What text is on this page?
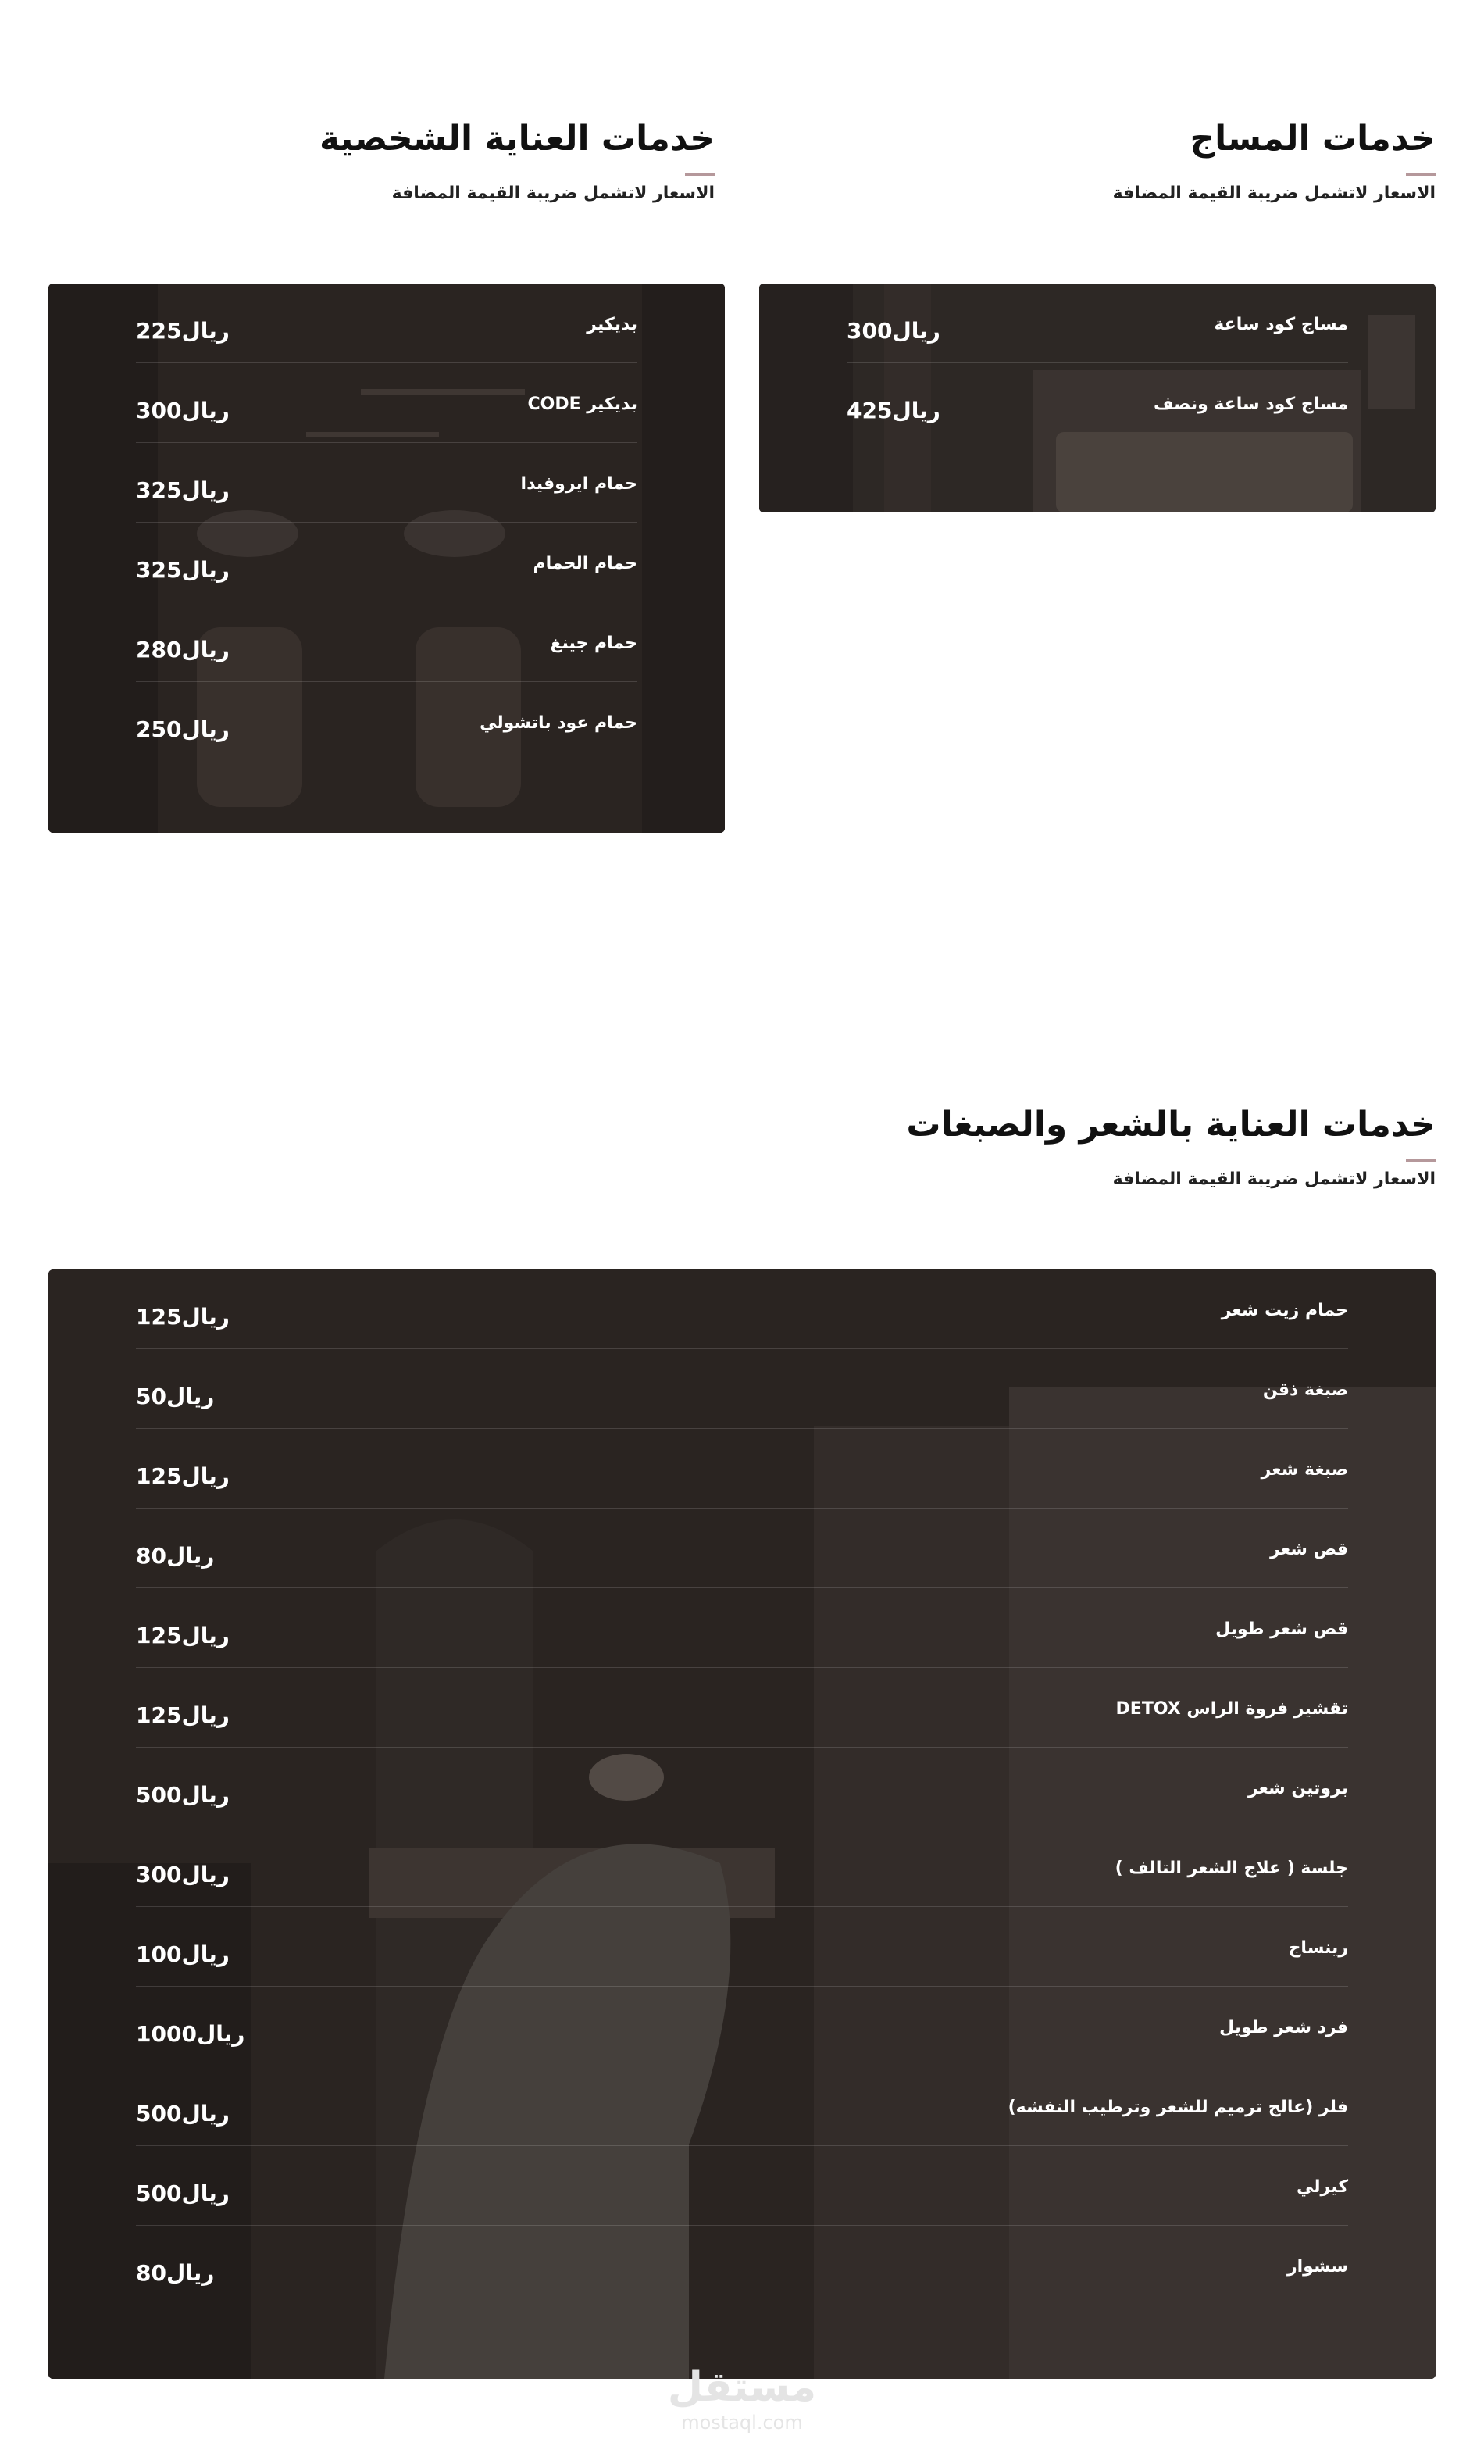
خدمات المساج
الاسعار لاتشمل ضريبة القيمة المضافة
خدمات العناية الشخصية
الاسعار لاتشمل ضريبة القيمة المضافة
مساج كود ساعة
300ريال
مساج كود ساعة ونصف
425ريال
بديكير
225ريال
بديكير CODE
300ريال
حمام ايروفيدا
325ريال
حمام الحمام
325ريال
حمام جينغ
280ريال
حمام عود باتشولي
250ريال
خدمات العناية بالشعر والصبغات
الاسعار لاتشمل ضريبة القيمة المضافة
حمام زيت شعر
125ريال
صبغة ذقن
50ريال
صبغة شعر
125ريال
قص شعر
80ريال
قص شعر طويل
125ريال
تقشير فروة الراس DETOX
125ريال
بروتين شعر
500ريال
جلسة ( علاج الشعر التالف )
300ريال
رينساج
100ريال
فرد شعر طويل
1000ريال
فلر (عالج ترميم للشعر وترطيب النفشه)
500ريال
كيرلي
500ريال
سشوار
80ريال
مستقل
mostaql.com
